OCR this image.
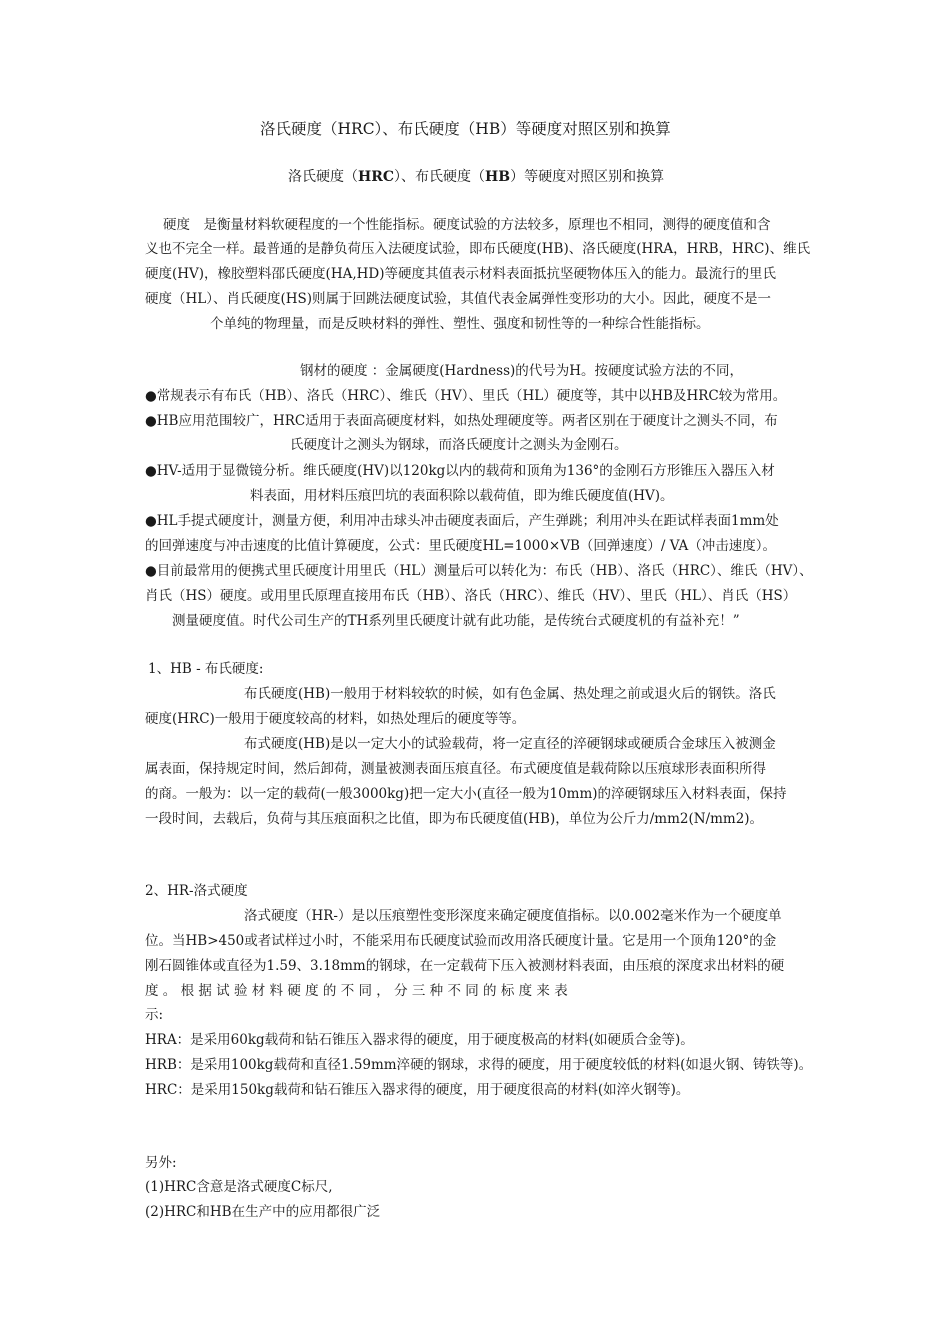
洛氏硬度（HRC）、布氏硬度（HB）等硬度对照区别和换算
洛氏硬度（HRC）、布氏硬度（HB）等硬度对照区别和换算
硬度　是衡量材料软硬程度的一个性能指标。硬度试验的方法较多，原理也不相同，测得的硬度值和含
义也不完全一样。最普通的是静负荷压入法硬度试验，即布氏硬度(HB)、洛氏硬度(HRA，HRB，HRC)、维氏
硬度(HV)，橡胶塑料邵氏硬度(HA,HD)等硬度其值表示材料表面抵抗坚硬物体压入的能力。最流行的里氏
硬度（HL）、肖氏硬度(HS)则属于回跳法硬度试验，其值代表金属弹性变形功的大小。因此，硬度不是一
个单纯的物理量，而是反映材料的弹性、塑性、强度和韧性等的一种综合性能指标。
钢材的硬度 ：金属硬度(Hardness)的代号为H。按硬度试验方法的不同，
●常规表示有布氏（HB）、洛氏（HRC）、维氏（HV）、里氏（HL）硬度等，其中以HB及HRC较为常用。
●HB应用范围较广，HRC适用于表面高硬度材料，如热处理硬度等。两者区别在于硬度计之测头不同，布
氏硬度计之测头为钢球，而洛氏硬度计之测头为金刚石。
●HV-适用于显微镜分析。维氏硬度(HV)以120kg以内的载荷和顶角为136°的金刚石方形锥压入器压入材
料表面，用材料压痕凹坑的表面积除以载荷值，即为维氏硬度值(HV)。
●HL手提式硬度计，测量方便，利用冲击球头冲击硬度表面后，产生弹跳；利用冲头在距试样表面1mm处
的回弹速度与冲击速度的比值计算硬度，公式：里氏硬度HL=1000×VB（回弹速度）/ VA（冲击速度）。
●目前最常用的便携式里氏硬度计用里氏（HL）测量后可以转化为：布氏（HB）、洛氏（HRC）、维氏（HV）、
肖氏（HS）硬度。或用里氏原理直接用布氏（HB）、洛氏（HRC）、维氏（HV）、里氏（HL）、肖氏（HS）
测量硬度值。时代公司生产的TH系列里氏硬度计就有此功能，是传统台式硬度机的有益补充！”
1、HB - 布氏硬度:
布氏硬度(HB)一般用于材料较软的时候，如有色金属、热处理之前或退火后的钢铁。洛氏
硬度(HRC)一般用于硬度较高的材料，如热处理后的硬度等等。
布式硬度(HB)是以一定大小的试验载荷，将一定直径的淬硬钢球或硬质合金球压入被测金
属表面，保持规定时间，然后卸荷，测量被测表面压痕直径。布式硬度值是载荷除以压痕球形表面积所得
的商。一般为：以一定的载荷(一般3000kg)把一定大小(直径一般为10mm)的淬硬钢球压入材料表面，保持
一段时间，去载后，负荷与其压痕面积之比值，即为布氏硬度值(HB)，单位为公斤力/mm2(N/mm2)。
2、HR-洛式硬度
洛式硬度（HR-）是以压痕塑性变形深度来确定硬度值指标。以0.002毫米作为一个硬度单
位。当HB>450或者试样过小时，不能采用布氏硬度试验而改用洛氏硬度计量。它是用一个顶角120°的金
刚石圆锥体或直径为1.59、3.18mm的钢球，在一定载荷下压入被测材料表面，由压痕的深度求出材料的硬
度 。 根 据 试 验 材 料 硬 度 的 不 同 ， 分 三 种 不 同 的 标 度 来 表
示:
HRA：是采用60kg载荷和钻石锥压入器求得的硬度，用于硬度极高的材料(如硬质合金等)。
HRB：是采用100kg载荷和直径1.59mm淬硬的钢球，求得的硬度，用于硬度较低的材料(如退火钢、铸铁等)。
HRC：是采用150kg载荷和钻石锥压入器求得的硬度，用于硬度很高的材料(如淬火钢等)。
另外:
(1)HRC含意是洛式硬度C标尺,
(2)HRC和HB在生产中的应用都很广泛
